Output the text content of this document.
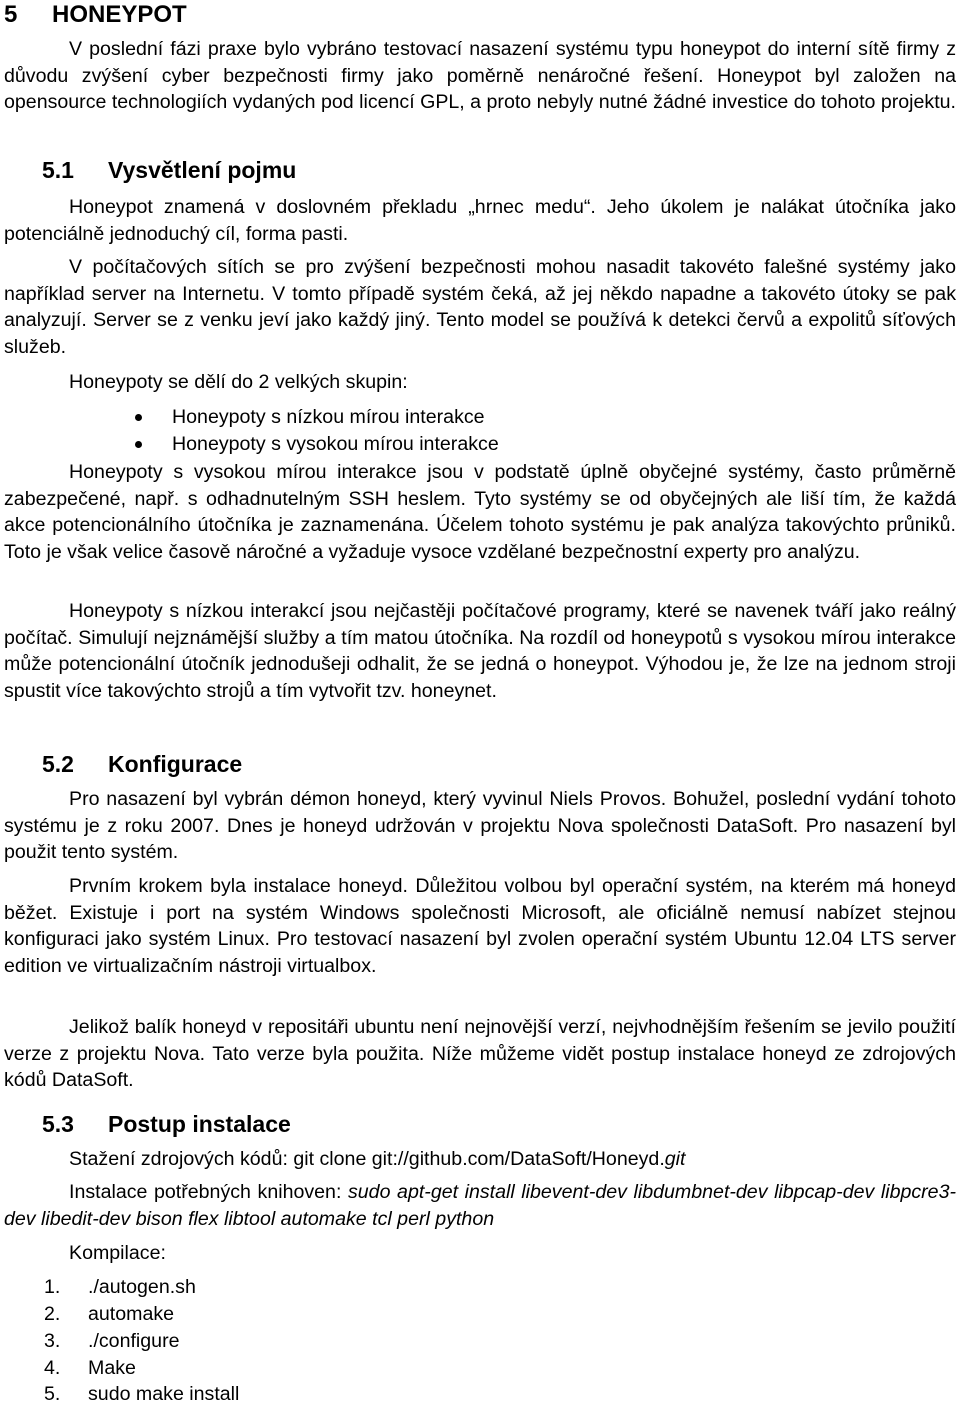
5 HONEYPOT

V poslední fázi praxe bylo vybráno testovací nasazení systému typu honeypot do interní sítě firmy z důvodu zvýšení cyber bezpečnosti firmy jako poměrně nenáročné řešení. Honeypot byl založen na opensource technologiích vydaných pod licencí GPL, a proto nebyly nutné žádné investice do tohoto projektu.

5.1 Vysvětlení pojmu

Honeypot znamená v doslovném překladu „hrnec medu“. Jeho úkolem je nalákat útočníka jako potenciálně jednoduchý cíl, forma pasti.

V počítačových sítích se pro zvýšení bezpečnosti mohou nasadit takovéto falešné systémy jako například server na Internetu. V tomto případě systém čeká, až jej někdo napadne a takovéto útoky se pak analyzují. Server se z venku jeví jako každý jiný. Tento model se používá k detekci červů a expolitů síťových služeb.

Honeypoty se dělí do 2 velkých skupin:

Honeypoty s nízkou mírou interakce
Honeypoty s vysokou mírou interakce

Honeypoty s vysokou mírou interakce jsou v podstatě úplně obyčejné systémy, často průměrně zabezpečené, např. s odhadnutelným SSH heslem. Tyto systémy se od obyčejných ale liší tím, že každá akce potencionálního útočníka je zaznamenána. Účelem tohoto systému je pak analýza takovýchto průniků. Toto je však velice časově náročné a vyžaduje vysoce vzdělané bezpečnostní experty pro analýzu.

Honeypoty s nízkou interakcí jsou nejčastěji počítačové programy, které se navenek tváří jako reálný počítač. Simulují nejznámější služby a tím matou útočníka. Na rozdíl od honeypotů s vysokou mírou interakce může potencionální útočník jednodušeji odhalit, že se jedná o honeypot. Výhodou je, že lze na jednom stroji spustit více takovýchto strojů a tím vytvořit tzv. honeynet.

5.2 Konfigurace

Pro nasazení byl vybrán démon honeyd, který vyvinul Niels Provos. Bohužel, poslední vydání tohoto systému je z roku 2007. Dnes je honeyd udržován v projektu Nova společnosti DataSoft. Pro nasazení byl použit tento systém.

Prvním krokem byla instalace honeyd. Důležitou volbou byl operační systém, na kterém má honeyd běžet. Existuje i port na systém Windows společnosti Microsoft, ale oficiálně nemusí nabízet stejnou konfiguraci jako systém Linux. Pro testovací nasazení byl zvolen operační systém Ubuntu 12.04 LTS server edition ve virtualizačním nástroji virtualbox.

Jelikož balík honeyd v repositáři ubuntu není nejnovější verzí, nejvhodnějším řešením se jevilo použití verze z projektu Nova. Tato verze byla použita. Níže můžeme vidět postup instalace honeyd ze zdrojových kódů DataSoft.

5.3 Postup instalace
Stažení zdrojových kódů: git clone git://github.com/DataSoft/Honeyd.git

Instalace potřebných knihoven: sudo apt-get install libevent-dev libdumbnet-dev libpcap-dev libpcre3-dev libedit-dev bison flex libtool automake tcl perl python

Kompilace:
1. ./autogen.sh
2. automake
3. ./configure
4. Make
5. sudo make install
